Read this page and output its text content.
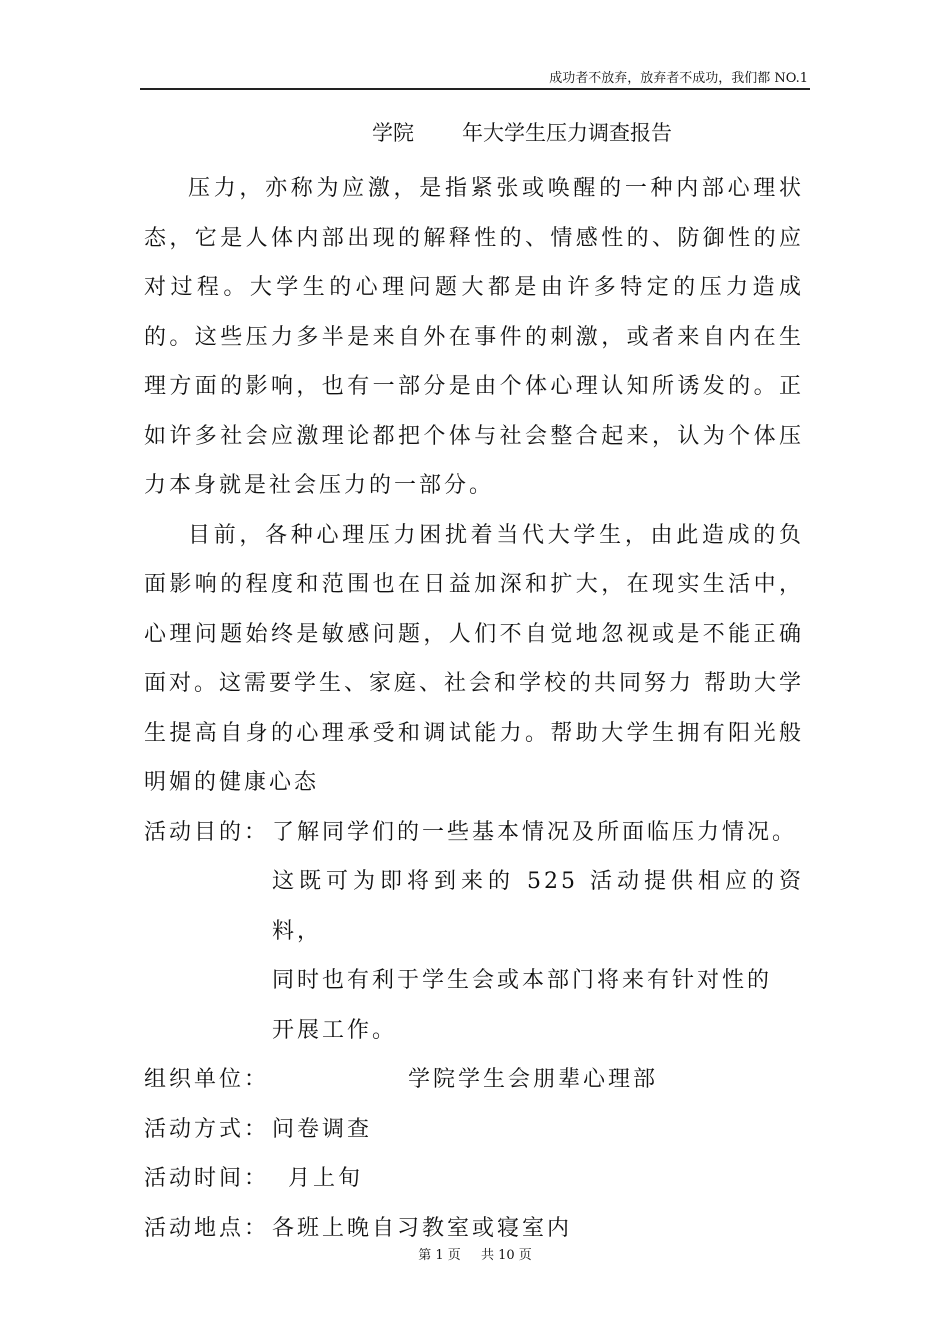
成功者不放弃，放弃者不成功，我们都 NO.1
学院 年大学生压力调查报告

压力，亦称为应激，是指紧张或唤醒的一种内部心理状态，它是人体内部出现的解释性的、情感性的、防御性的应对过程。大学生的心理问题大都是由许多特定的压力造成的。这些压力多半是来自外在事件的刺激，或者来自内在生理方面的影响，也有一部分是由个体心理认知所诱发的。正如许多社会应激理论都把个体与社会整合起来，认为个体压力本身就是社会压力的一部分。

目前，各种心理压力困扰着当代大学生，由此造成的负面影响的程度和范围也在日益加深和扩大，在现实生活中，心理问题始终是敏感问题，人们不自觉地忽视或是不能正确面对。这需要学生、家庭、社会和学校的共同努力 帮助大学生提高自身的心理承受和调试能力。帮助大学生拥有阳光般明媚的健康心态

活动目的： 了解同学们的一些基本情况及所面临压力情况。
这既可为即将到来的 525 活动提供相应的资料，
同时也有利于学生会或本部门将来有针对性的
开展工作。
组织单位：	学院学生会朋辈心理部
活动方式： 问卷调查
活动时间： 月上旬
活动地点： 各班上晚自习教室或寝室内
第 1 页 共 10 页
